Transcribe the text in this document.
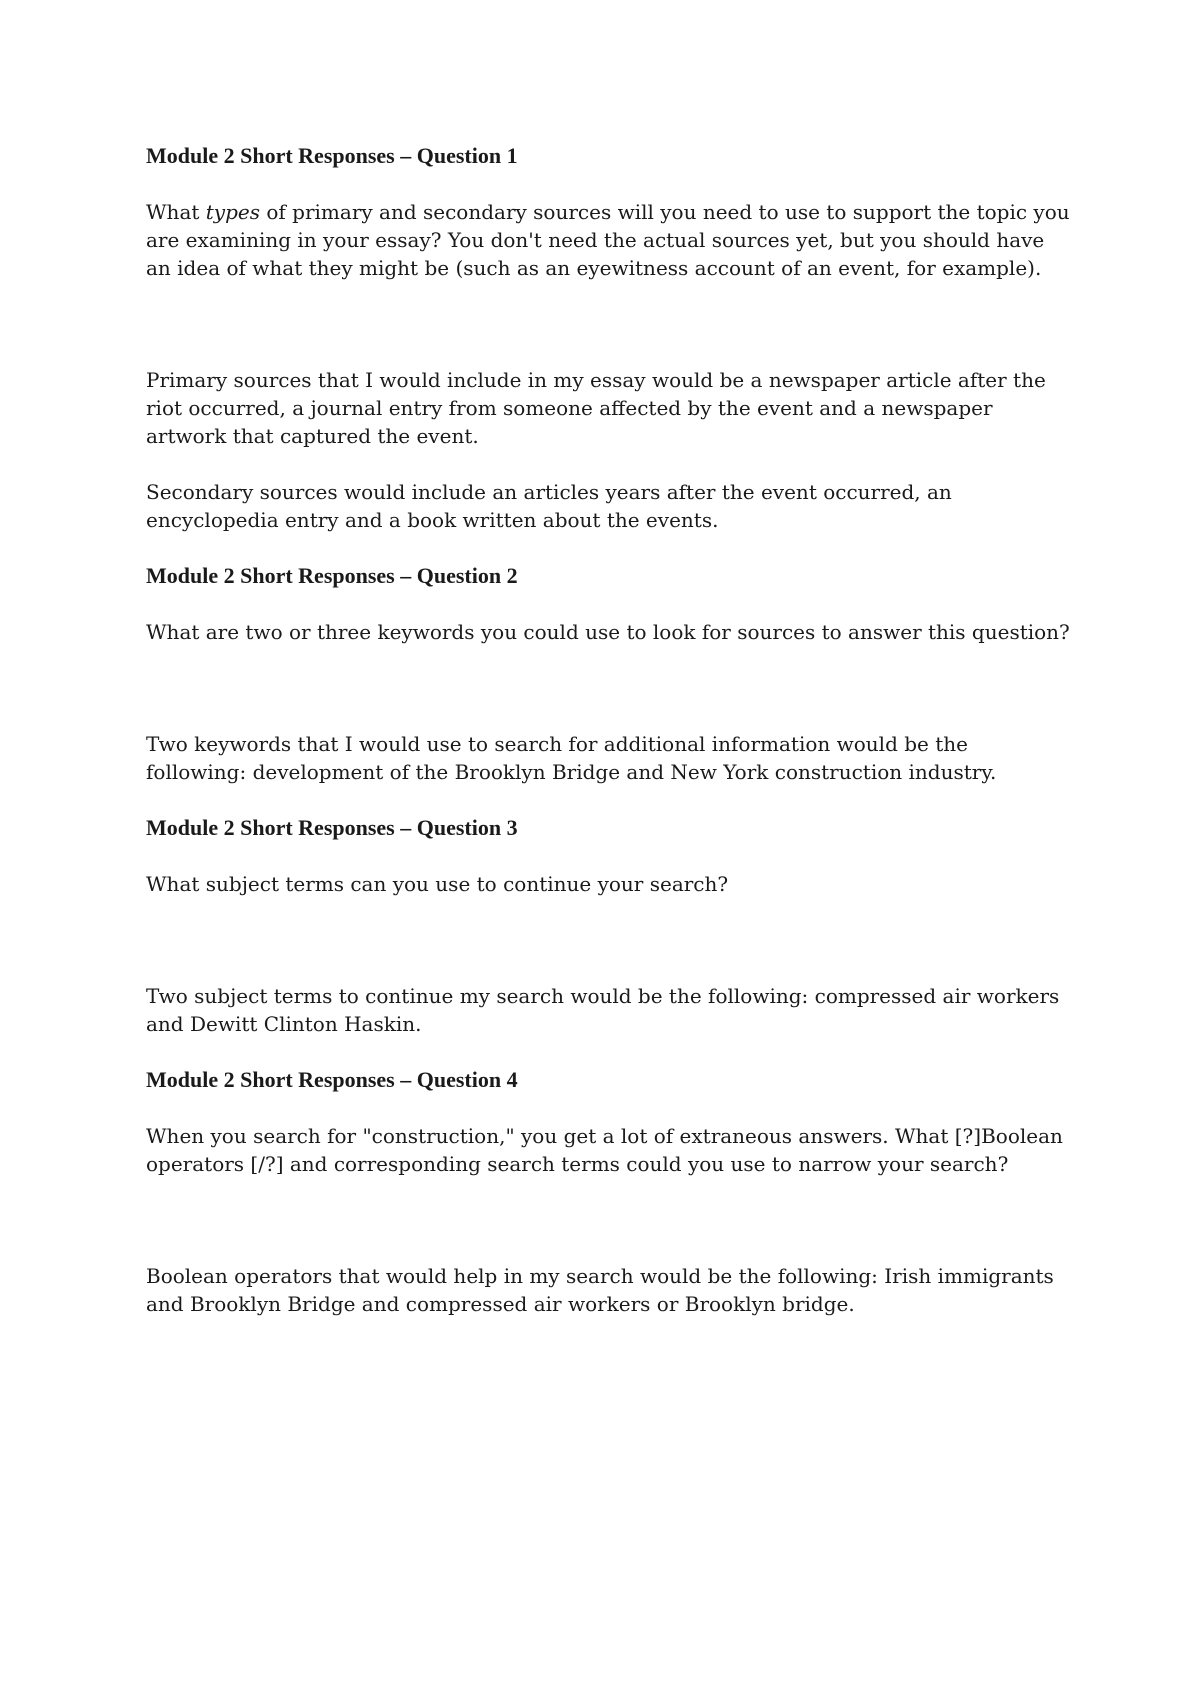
Module 2 Short Responses – Question 1

What types of primary and secondary sources will you need to use to support the topic you are examining in your essay? You don't need the actual sources yet, but you should have an idea of what they might be (such as an eyewitness account of an event, for example).

Primary sources that I would include in my essay would be a newspaper article after the riot occurred, a journal entry from someone affected by the event and a newspaper artwork that captured the event.

Secondary sources would include an articles years after the event occurred, an encyclopedia entry and a book written about the events.

Module 2 Short Responses – Question 2

What are two or three keywords you could use to look for sources to answer this question?

Two keywords that I would use to search for additional information would be the following: development of the Brooklyn Bridge and New York construction industry.

Module 2 Short Responses – Question 3

What subject terms can you use to continue your search?

Two subject terms to continue my search would be the following: compressed air workers and Dewitt Clinton Haskin.

Module 2 Short Responses – Question 4

When you search for "construction," you get a lot of extraneous answers. What [?]Boolean operators [/?] and corresponding search terms could you use to narrow your search?

Boolean operators that would help in my search would be the following: Irish immigrants and Brooklyn Bridge and compressed air workers or Brooklyn bridge.
